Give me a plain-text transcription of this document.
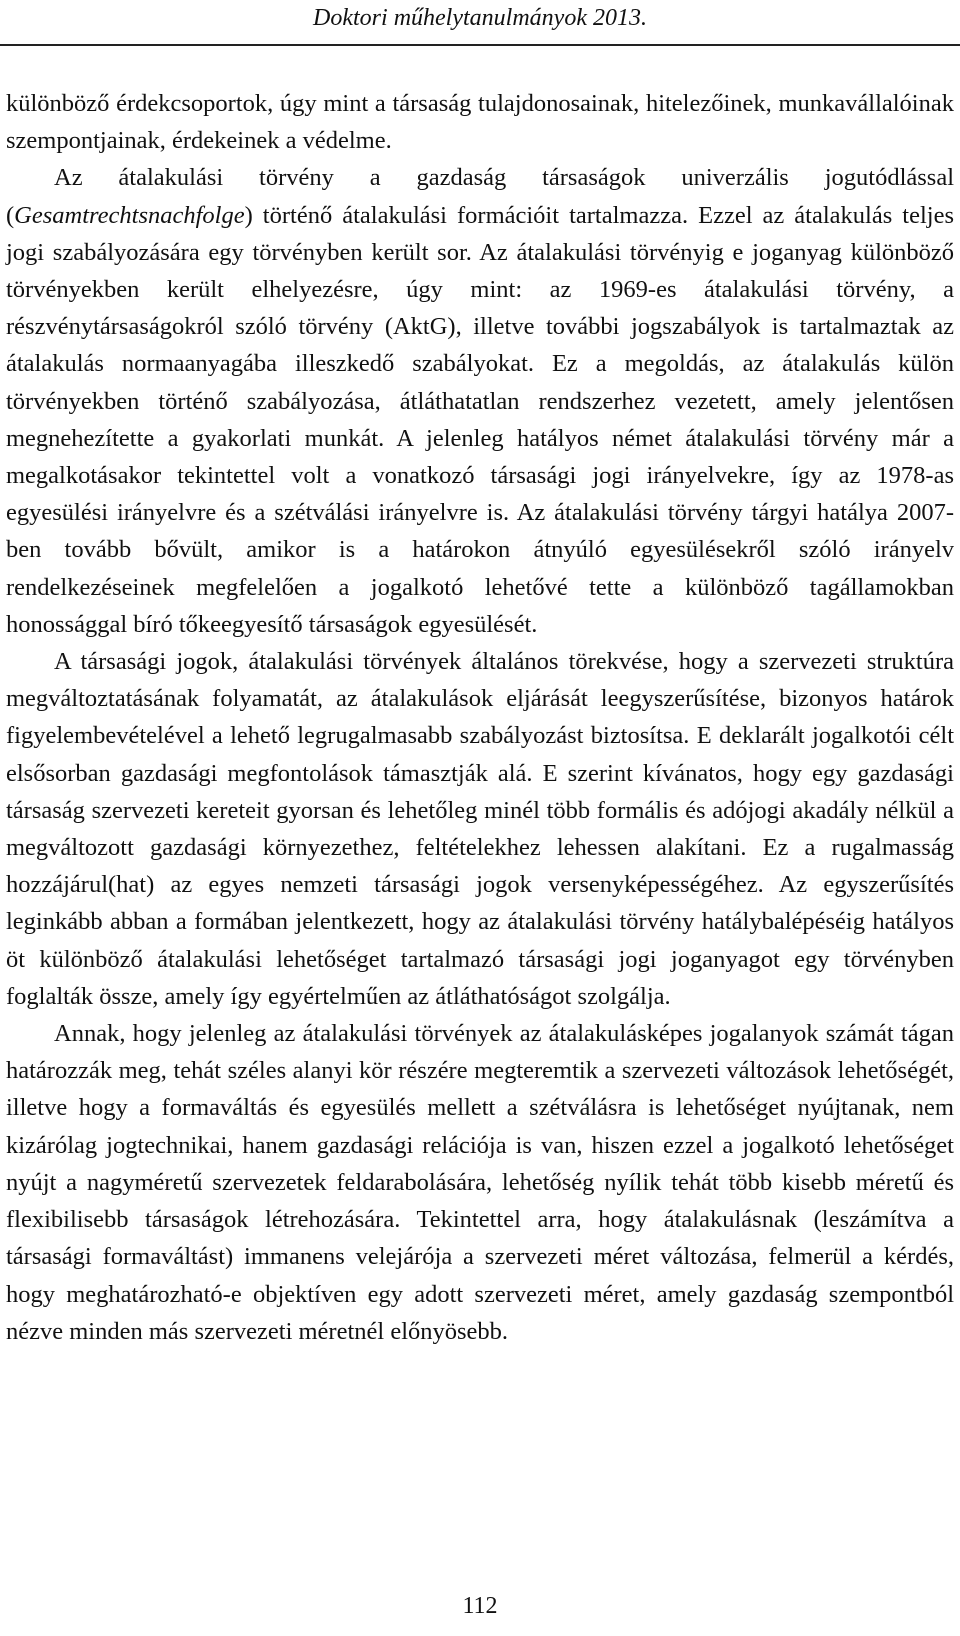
Doktori műhelytanulmányok 2013.

különböző érdekcsoportok, úgy mint a társaság tulajdonosainak, hitelezőinek, munkavállalóinak szempontjainak, érdekeinek a védelme.

Az átalakulási törvény a gazdaság társaságok univerzális jogutódlással (Gesamtrechtsnachfolge) történő átalakulási formációit tartalmazza. Ezzel az átalakulás teljes jogi szabályozására egy törvényben került sor. Az átalakulási törvényig e joganyag különböző törvényekben került elhelyezésre, úgy mint: az 1969-es átalakulási törvény, a részvénytársaságokról szóló törvény (AktG), illetve további jogszabályok is tartalmaztak az átalakulás normaanyagába illeszkedő szabályokat. Ez a megoldás, az átalakulás külön törvényekben történő szabályozása, átláthatatlan rendszerhez vezetett, amely jelentősen megnehezítette a gyakorlati munkát. A jelenleg hatályos német átalakulási törvény már a megalkotásakor tekintettel volt a vonatkozó társasági jogi irányelvekre, így az 1978-as egyesülési irányelvre és a szétválási irányelvre is. Az átalakulási törvény tárgyi hatálya 2007-ben tovább bővült, amikor is a határokon átnyúló egyesülésekről szóló irányelv rendelkezéseinek megfelelően a jogalkotó lehetővé tette a különböző tagállamokban honossággal bíró tőkeegyesítő társaságok egyesülését.

A társasági jogok, átalakulási törvények általános törekvése, hogy a szervezeti struktúra megváltoztatásának folyamatát, az átalakulások eljárását leegyszerűsítése, bizonyos határok figyelembevételével a lehető legrugalmasabb szabályozást biztosítsa. E deklarált jogalkotói célt elsősorban gazdasági megfontolások támasztják alá. E szerint kívánatos, hogy egy gazdasági társaság szervezeti kereteit gyorsan és lehetőleg minél több formális és adójogi akadály nélkül a megváltozott gazdasági környezethez, feltételekhez lehessen alakítani. Ez a rugalmasság hozzájárul(hat) az egyes nemzeti társasági jogok versenyképességéhez. Az egyszerűsítés leginkább abban a formában jelentkezett, hogy az átalakulási törvény hatálybalépéséig hatályos öt különböző átalakulási lehetőséget tartalmazó társasági jogi joganyagot egy törvényben foglalták össze, amely így egyértelműen az átláthatóságot szolgálja.

Annak, hogy jelenleg az átalakulási törvények az átalakulásképes jogalanyok számát tágan határozzák meg, tehát széles alanyi kör részére megteremtik a szervezeti változások lehetőségét, illetve hogy a formaváltás és egyesülés mellett a szétválásra is lehetőséget nyújtanak, nem kizárólag jogtechnikai, hanem gazdasági relációja is van, hiszen ezzel a jogalkotó lehetőséget nyújt a nagyméretű szervezetek feldarabolására, lehetőség nyílik tehát több kisebb méretű és flexibilisebb társaságok létrehozására. Tekintettel arra, hogy átalakulásnak (leszámítva a társasági formaváltást) immanens velejárója a szervezeti méret változása, felmerül a kérdés, hogy meghatározható-e objektíven egy adott szervezeti méret, amely gazdaság szempontból nézve minden más szervezeti méretnél előnyösebb.

112
